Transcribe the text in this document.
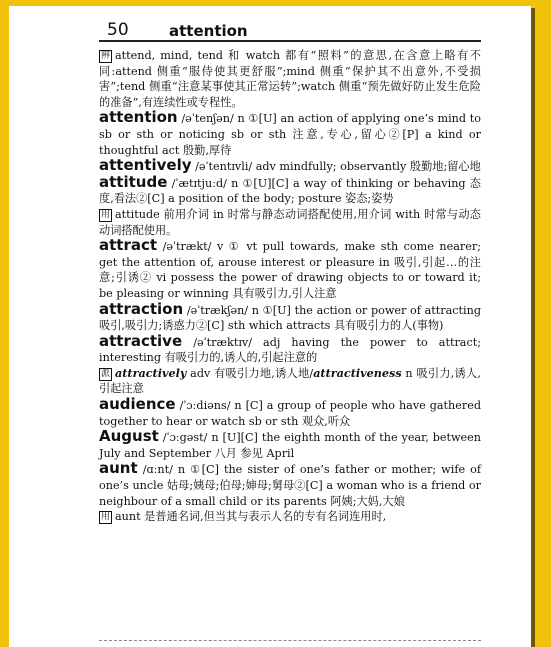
50	attention

辨 attend, mind, tend 和 watch 都有“照料”的意思,在含意上略有不同:attend 侧重“服侍使其更舒服”;mind 侧重“保护其不出意外,不受损害”;tend 侧重“注意某事使其正常运转”;watch 侧重“预先做好防止发生危险的准备”,有连续性或专程性。

attention /əˈtenʃən/ n ①[U] an action of applying one’s mind to sb or sth or noticing sb or sth 注意,专心,留心②[P] a kind or thoughtful act 殷勤,厚待

attentively /əˈtentɪvli/ adv mindfully; observantly 殷勤地;留心地

attitude /ˈætɪtjuːd/ n ①[U][C] a way of thinking or behaving 态度,看法②[C] a position of the body; posture 姿态;姿势

用 attitude 前用介词 in 时常与静态动词搭配使用,用介词 with 时常与动态动词搭配使用。

attract /əˈtrækt/ v ① vt pull towards, make sth come nearer; get the attention of, arouse interest or pleasure in 吸引,引起…的注意;引诱② vi possess the power of drawing objects to or toward it; be pleasing or winning 具有吸引力,引人注意

attraction /əˈtrækʃən/ n ①[U] the action or power of attracting 吸引,吸引力;诱惑力②[C] sth which attracts 具有吸引力的人(事物)

attractive /əˈtræktɪv/ adj having the power to attract; interesting 有吸引力的,诱人的,引起注意的

派 attractively adv 有吸引力地,诱人地/attractiveness n 吸引力,诱人,引起注意

audience /ˈɔːdiəns/ n [C] a group of people who have gathered together to hear or watch sb or sth 观众,听众

August /ˈɔːgəst/ n [U][C] the eighth month of the year, between July and September 八月 参见 April

aunt /ɑːnt/ n ①[C] the sister of one’s father or mother; wife of one’s uncle 姑母;姨母;伯母;婶母;舅母②[C] a woman who is a friend or neighbour of a small child or its parents 阿姨;大妈,大娘

用 aunt 是普通名词,但当其与表示人名的专有名词连用时,
